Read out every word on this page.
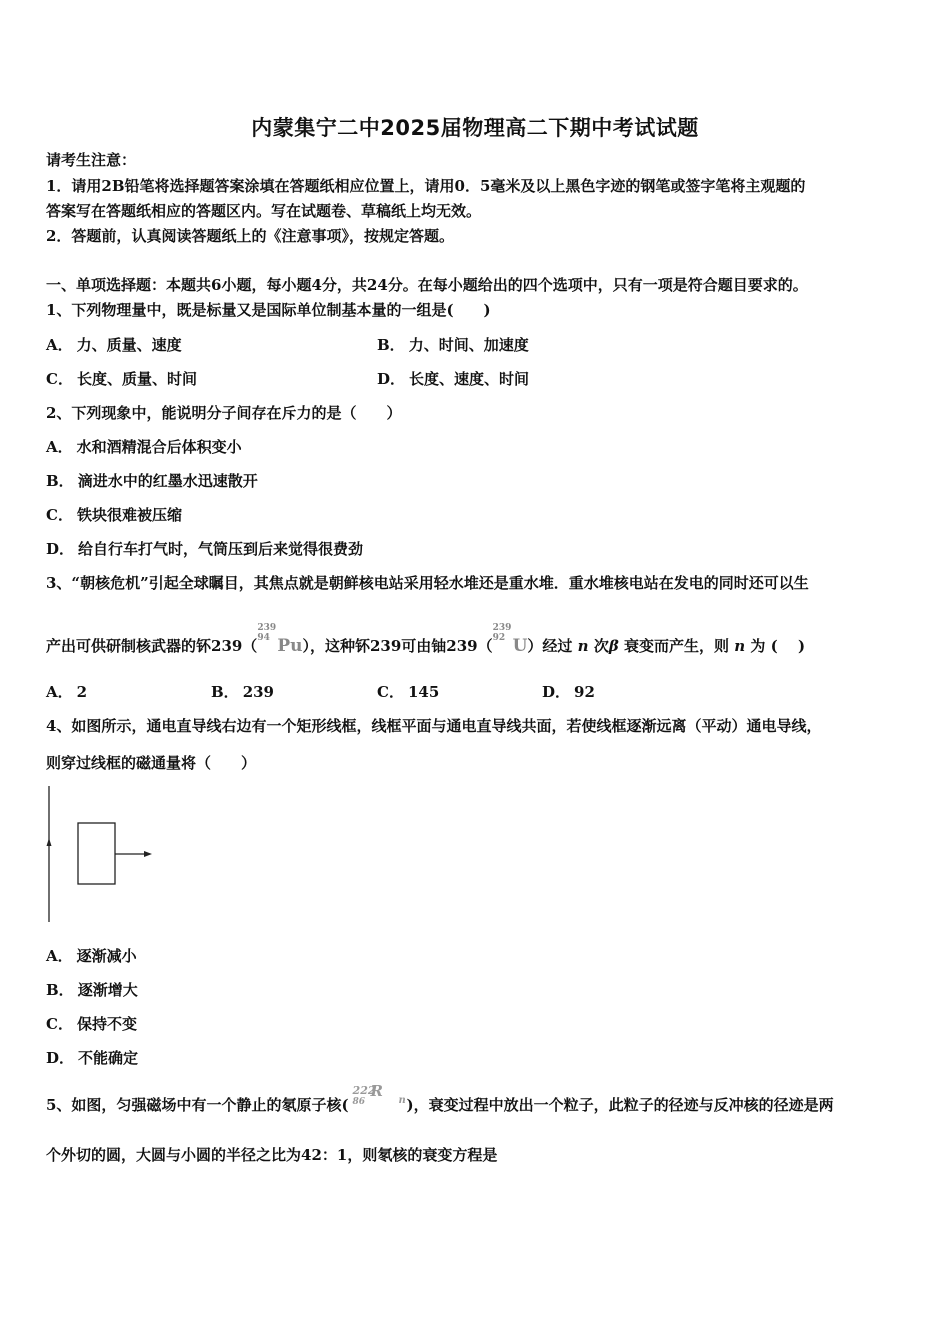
内蒙集宁二中2025届物理高二下期中考试试题
请考生注意：
1．请用2B铅笔将选择题答案涂填在答题纸相应位置上，请用0．5毫米及以上黑色字迹的钢笔或签字笔将主观题的
答案写在答题纸相应的答题区内。写在试题卷、草稿纸上均无效。
2．答题前，认真阅读答题纸上的《注意事项》，按规定答题。
一、单项选择题：本题共6小题，每小题4分，共24分。在每小题给出的四个选项中，只有一项是符合题目要求的。
1、下列物理量中，既是标量又是国际单位制基本量的一组是(　　)
A． 力、质量、速度	B． 力、时间、加速度
C． 长度、质量、时间	D． 长度、速度、时间
2、下列现象中，能说明分子间存在斥力的是（　　）
A． 水和酒精混合后体积变小
B． 滴进水中的红墨水迅速散开
C． 铁块很难被压缩
D． 给自行车打气时，气筒压到后来觉得很费劲
3、“朝核危机”引起全球瞩目，其焦点就是朝鲜核电站采用轻水堆还是重水堆．重水堆核电站在发电的同时还可以生
产出可供研制核武器的钚239（
239
94 Pu），这种钚239可由铀239（
239
92 U）经过 n 次β 衰变而产生，则 n 为 (　 )
A． 2	B． 239	C． 145	D． 92
4、如图所示，通电直导线右边有一个矩形线框，线框平面与通电直导线共面，若使线框逐渐远离（平动）通电导线，
则穿过线框的磁通量将（　　）
A． 逐渐减小
B． 逐渐增大
C． 保持不变
D． 不能确定
5、如图，匀强磁场中有一个静止的氡原子核(
222
86
R
n )，衰变过程中放出一个粒子，此粒子的径迹与反冲核的径迹是两
个外切的圆，大圆与小圆的半径之比为42：1，则氡核的衰变方程是
